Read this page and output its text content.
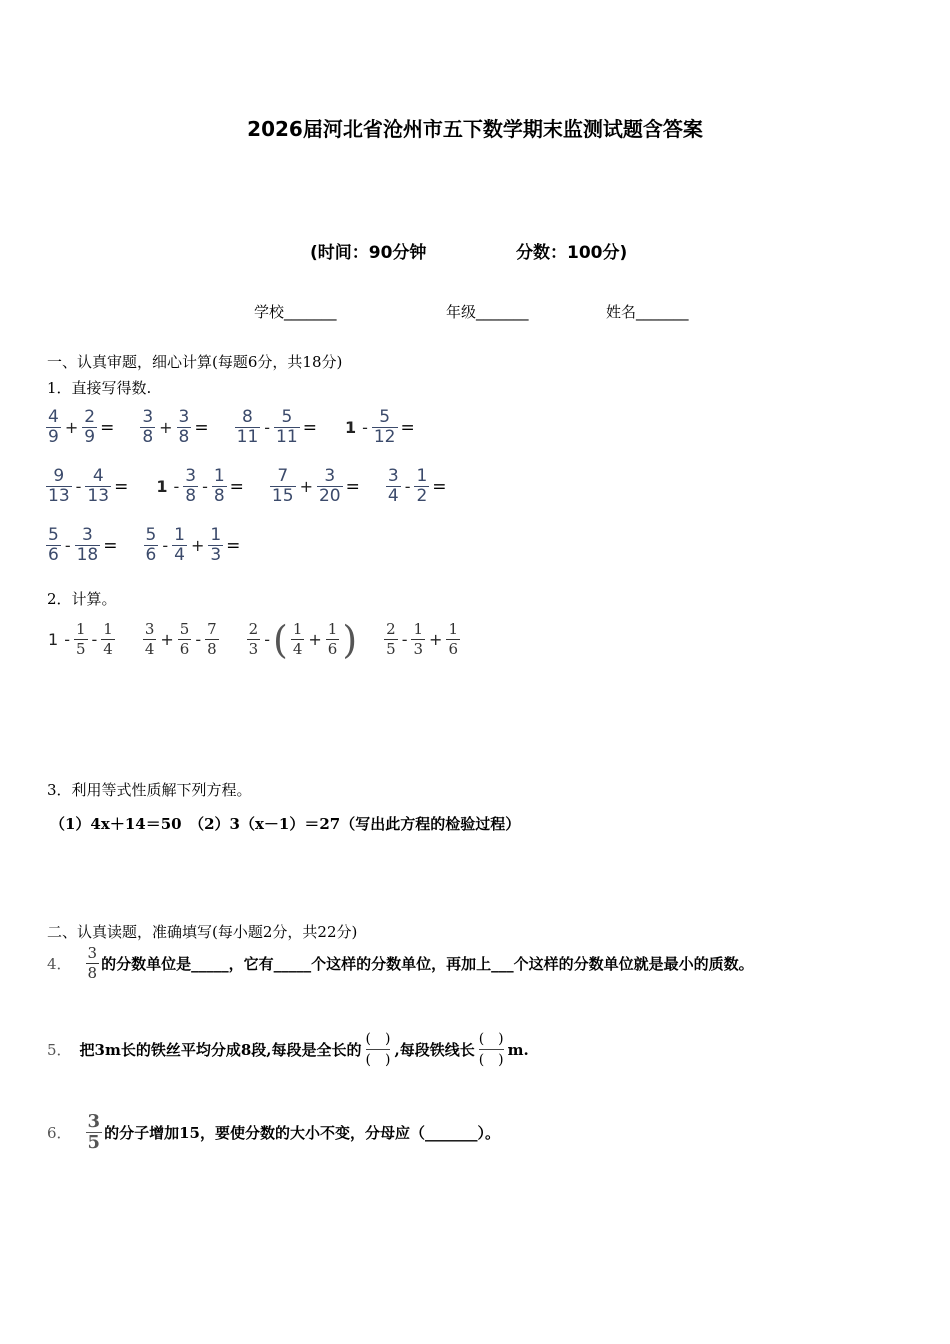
2026届河北省沧州市五下数学期末监测试题含答案
(时间：90分钟	分数：100分)
学校_______	年级_______	姓名_______
一、认真审题，细心计算(每题6分，共18分)
1．直接写得数.
4
9 +
2
9 =
3
8 +
3
8 =
8
11 -
5
11 = 1 -
5
12 =
9
13 -
4
13 = 1 -
3
8 -
1
8 =
7
15 +
3
20 =
3
4 -
1
2 =
5
6 -
3
18 =
5
6 -
1
4 +
1
3 =
2．计算。
1 -
1
5 -
1
4
3
4 +
5
6 -
7
8
2
3 - ( 1
4 +
1
6 ) 2
5 -
1
3 +
1
6
3．利用等式性质解下列方程。
（1）4x＋14＝50　（2）3（x－1）＝27（写出此方程的检验过程）
二、认真读题，准确填写(每小题2分，共22分)
4．
3
8 的分数单位是_____，它有_____个这样的分数单位，再加上___个这样的分数单位就是最小的质数。
5． 把3m长的铁丝平均分成8段,每段是全长的
(　)
(　)
,每段铁线长
(　)
(　)
m.
6．
3
5 的分子增加15，要使分数的大小不变，分母应（_______）。
